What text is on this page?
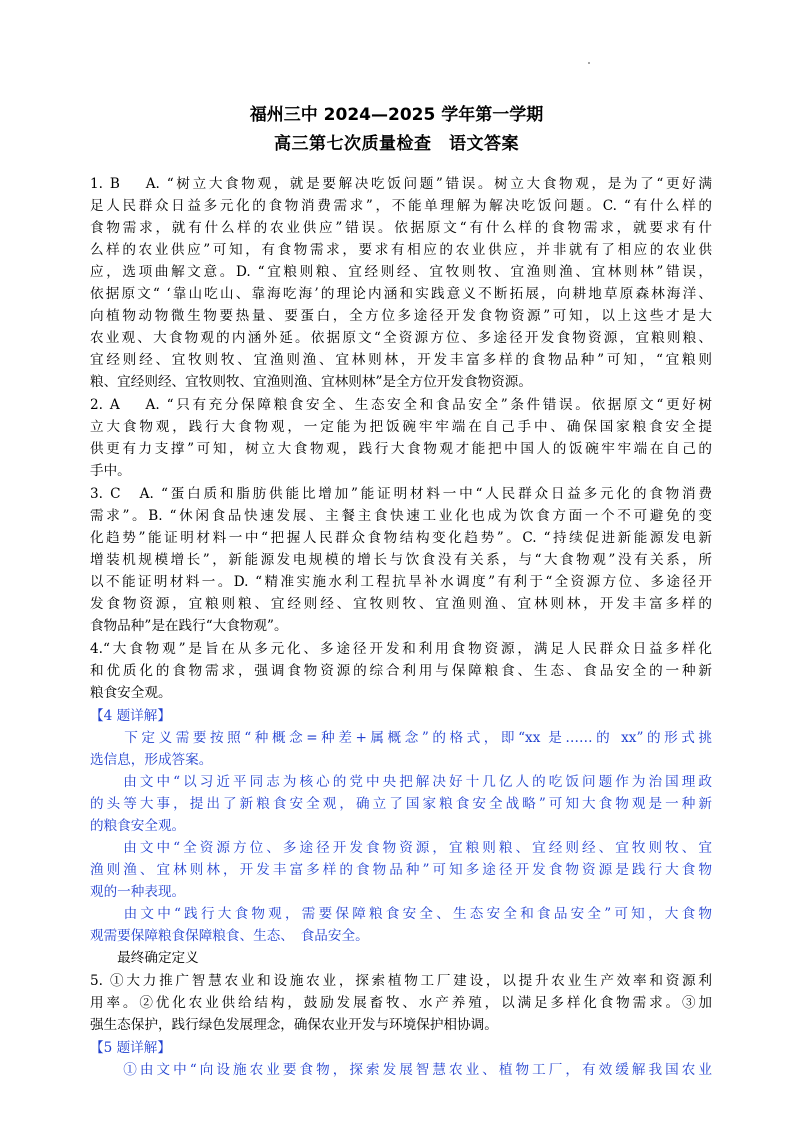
福州三中 2024—2025 学年第一学期
高三第七次质量检查　语文答案
1. B　 A. “树立大食物观，就是要解决吃饭问题”错误。树立大食物观，是为了“更好满
足人民群众日益多元化的食物消费需求”，不能单理解为解决吃饭问题。C. “有什么样的
食物需求，就有什么样的农业供应”错误。依据原文“有什么样的食物需求，就要求有什
么样的农业供应”可知，有食物需求，要求有相应的农业供应，并非就有了相应的农业供
应，选项曲解文意。D. “宜粮则粮、宜经则经、宜牧则牧、宜渔则渔、宜林则林”错误，
依据原文“ ‘靠山吃山、靠海吃海’的理论内涵和实践意义不断拓展，向耕地草原森林海洋、
向植物动物微生物要热量、要蛋白，全方位多途径开发食物资源”可知，以上这些才是大
农业观、大食物观的内涵外延。依据原文“全资源方位、多途径开发食物资源，宜粮则粮、
宜经则经、宜牧则牧、宜渔则渔、宜林则林，开发丰富多样的食物品种”可知，“宜粮则
粮、宜经则经、宜牧则牧、宜渔则渔、宜林则林”是全方位开发食物资源。
2. A　 A. “只有充分保障粮食安全、生态安全和食品安全”条件错误。依据原文“更好树
立大食物观，践行大食物观，一定能为把饭碗牢牢端在自己手中、确保国家粮食安全提
供更有力支撑”可知，树立大食物观，践行大食物观才能把中国人的饭碗牢牢端在自己的
手中。
3. C　A. “蛋白质和脂肪供能比增加”能证明材料一中“人民群众日益多元化的食物消费
需求”。B. “休闲食品快速发展、主餐主食快速工业化也成为饮食方面一个不可避免的变
化趋势”能证明材料一中“把握人民群众食物结构变化趋势”。C. “持续促进新能源发电新
增装机规模增长”，新能源发电规模的增长与饮食没有关系，与“大食物观”没有关系，所
以不能证明材料一。D. “精准实施水利工程抗旱补水调度”有利于“全资源方位、多途径开
发食物资源，宜粮则粮、宜经则经、宜牧则牧、宜渔则渔、宜林则林，开发丰富多样的
食物品种”是在践行“大食物观”。
4.“大食物观”是旨在从多元化、多途径开发和利用食物资源，满足人民群众日益多样化
和优质化的食物需求，强调食物资源的综合利用与保障粮食、生态、食品安全的一种新
粮食安全观。
【4 题详解】
　　下定义需要按照“种概念=种差+属概念”的格式，即“xx 是……的 xx”的形式挑
选信息，形成答案。
　　由文中“以习近平同志为核心的党中央把解决好十几亿人的吃饭问题作为治国理政
的头等大事，提出了新粮食安全观，确立了国家粮食安全战略”可知大食物观是一种新
的粮食安全观。
　　由文中“全资源方位、多途径开发食物资源，宜粮则粮、宜经则经、宜牧则牧、宜
渔则渔、宜林则林，开发丰富多样的食物品种”可知多途径开发食物资源是践行大食物
观的一种表现。
　　由文中“践行大食物观，需要保障粮食安全、生态安全和食品安全”可知，大食物
观需要保障粮食保障粮食、生态、　食品安全。
　　最终确定定义
5. ①大力推广智慧农业和设施农业，探索植物工厂建设，以提升农业生产效率和资源利
用率。②优化农业供给结构，鼓励发展畜牧、水产养殖，以满足多样化食物需求。③加
强生态保护，践行绿色发展理念，确保农业开发与环境保护相协调。
【5 题详解】
　　①由文中“向设施农业要食物，探索发展智慧农业、植物工厂，有效缓解我国农业
